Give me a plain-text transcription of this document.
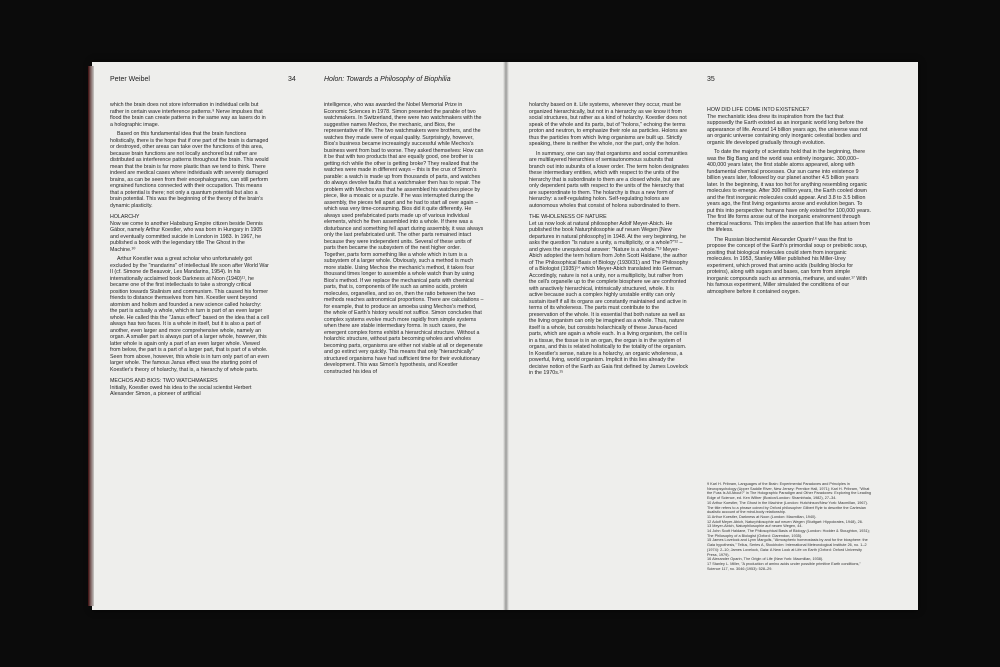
Peter Weibel	34	Holon: Towards a Philosophy of Biophilia

which the brain does not store information in individual cells but rather in certain wave interference patterns.⁹ Nerve impulses that flood the brain can create patterns in the same way as lasers do in a holographic image.

Based on this fundamental idea that the brain functions holistically, there is the hope that if one part of the brain is damaged or destroyed, other areas can take over the functions of this area, because brain functions are not locally anchored but rather are distributed as interference patterns throughout the brain. This would mean that the brain is far more plastic than we tend to think. There indeed are medical cases where individuals with severely damaged brains, as can be seen from their encephalograms, can still perform engrained functions connected with their occupation. This means that a potential is there; not only a quantum potential but also a brain potential. This was the beginning of the theory of the brain's dynamic plasticity.

HOLARCHY

Now we come to another Habsburg Empire citizen beside Dennis Gábor, namely Arthur Koestler, who was born in Hungary in 1905 and eventually committed suicide in London in 1983. In 1967, he published a book with the legendary title The Ghost in the Machine.¹⁰

Arthur Koestler was a great scholar who unfortunately got excluded by the "mandarins" of intellectual life soon after World War II (cf. Simone de Beauvoir, Les Mandarins, 1954). In his internationally acclaimed book Darkness at Noon (1940)¹¹, he became one of the first intellectuals to take a strongly critical position towards Stalinism and communism. This caused his former friends to distance themselves from him. Koestler went beyond atomism and holism and founded a new science called holarchy: the part is actually a whole, which in turn is part of an even larger whole. He called this the "Janus effect" based on the idea that a cell always has two faces. It is a whole in itself, but it is also a part of another, even larger and more comprehensive whole, namely an organ. A smaller part is always part of a larger whole, however, this latter whole is again only a part of an even larger whole. Viewed from below, the part is a part of a larger part, that is part of a whole. Seen from above, however, this whole is in turn only part of an even larger whole. The famous Janus effect was the starting point of Koestler's theory of holarchy, that is, a hierarchy of whole parts.

MECHOS AND BIOS: TWO WATCHMAKERS

Initially, Koestler owed his idea to the social scientist Herbert Alexander Simon, a pioneer of artificial

intelligence, who was awarded the Nobel Memorial Prize in Economic Sciences in 1978. Simon presented the parable of two watchmakers. In Switzerland, there were two watchmakers with the suggestive names Mechos, the mechanic, and Bios, the representative of life. The two watchmakers were brothers, and the watches they made were of equal quality. Surprisingly, however, Bios's business became increasingly successful while Mechos's business went from bad to worse. They asked themselves: How can it be that with two products that are equally good, one brother is getting rich while the other is getting broke? They realized that the watches were made in different ways – this is the crux of Simon's parable: a watch is made up from thousands of parts, and watches do always devolve faults that a watchmaker then has to repair. The problem with Mechos was that he assembled his watches piece by piece, like a mosaic or a puzzle. If he was interrupted during the assembly, the pieces fell apart and he had to start all over again – which was very time-consuming. Bios did it quite differently. He always used prefabricated parts made up of various individual elements, which he then assembled into a whole. If there was a disturbance and something fell apart during assembly, it was always only the last prefabricated unit. The other parts remained intact because they were independent units. Several of these units of parts then became the subsystem of the next higher order. Together, parts form something like a whole which in turn is a subsystem of a larger whole. Obviously, such a method is much more stable. Using Mechos the mechanic's method, it takes four thousand times longer to assemble a whole watch than by using Bios's method. If we replace the mechanical parts with chemical parts, that is, components of life such as amino acids, protein molecules, organelles, and so on, then the ratio between the two methods reaches astronomical proportions. There are calculations – for example, that to produce an amoeba using Mechos's method, the whole of Earth's history would not suffice. Simon concludes that complex systems evolve much more rapidly from simple systems when there are stable intermediary forms. In such cases, the emergent complex forms exhibit a hierarchical structure. Without a holarchic structure, without parts becoming wholes and wholes becoming parts, organisms are either not viable at all or degenerate and go extinct very quickly. This means that only "hierarchically" structured organisms have had sufficient time for their evolutionary development. This was Simon's hypothesis, and Koestler constructed his idea of

35

holarchy based on it. Life systems, wherever they occur, must be organized hierarchically, but not in a hierarchy as we know it from social structures, but rather as a kind of holarchy. Koestler does not speak of the whole and its parts, but of "holons," echoing the terms proton and neutron, to emphasize their role as particles. Holons are thus the particles from which living organisms are built up. Strictly speaking, there is neither the whole, nor the part, only the holon.

In summary, one can say that organisms and social communities are multilayered hierarchies of semiautonomous subunits that branch out into subunits of a lower order. The term holon designates these intermediary entities, which with respect to the units of the hierarchy that is subordinate to them are a closed whole, but are only dependent parts with respect to the units of the hierarchy that are superordinate to them. The holarchy is thus a new form of hierarchy: a self-regulating holon. Self-regulating holons are autonomous wholes that consist of holons subordinated to them.

THE WHOLENESS OF NATURE

Let us now look at natural philosopher Adolf Meyer-Abich. He published the book Naturphilosophie auf neuen Wegen [New departures in natural philosophy] in 1948. At the very beginning, he asks the question "Is nature a unity, a multiplicity, or a whole?"¹² – and gives the unequivocal answer: "Nature is a whole."¹³ Meyer-Abich adopted the term holism from John Scott Haldane, the author of The Philosophical Basis of Biology (1930/31) and The Philosophy of a Biologist (1935)¹⁴ which Meyer-Abich translated into German. Accordingly, nature is not a unity, nor a multiplicity, but rather from the cell's organelle up to the complete biosphere we are confronted with anactively hierarchical, intrinsically structured, whole. It is active because such a complex highly unstable entity can only sustain itself if all its organs are constantly maintained and active in terms of its wholeness. The parts must contribute to the preservation of the whole. It is essential that both nature as well as the living organism can only be imagined as a whole. Thus, nature itself is a whole, but consists holarchically of these Janus-faced parts, which are again a whole each. In a living organism, the cell is in a tissue, the tissue is in an organ, the organ is in the system of organs, and this is related holistically to the totality of the organism. In Koestler's sense, nature is a holarchy, an organic wholeness, a powerful, living, world organism. Implicit in this lies already the decisive notion of the Earth as Gaia first defined by James Lovelock in the 1970s.¹⁵

HOW DID LIFE COME INTO EXISTENCE?

The mechanistic idea drew its inspiration from the fact that supposedly the Earth existed as an inorganic world long before the appearance of life. Around 14 billion years ago, the universe was not an organic universe containing only inorganic celestial bodies and organic life developed gradually through evolution.

To date the majority of scientists hold that in the beginning, there was the Big Bang and the world was entirely inorganic. 300,000–400,000 years later, the first stable atoms appeared, along with fundamental chemical processes. Our sun came into existence 9 billion years later, followed by our planet another 4.5 billion years later. In the beginning, it was too hot for anything resembling organic molecules to emerge. After 300 million years, the Earth cooled down and the first inorganic molecules could appear. And 3.8 to 3.5 billion years ago, the first living organisms arose and evolution began. To put this into perspective: humans have only existed for 100,000 years. The first life forms arose out of the inorganic environment through chemical reactions. This implies the assertion that life has arisen from the lifeless.

The Russian biochemist Alexander Oparin¹⁶ was the first to propose the concept of the Earth's primordial soup or prebiotic soup, positing that biological molecules could stem from inorganic molecules. In 1953, Stanley Miller published his Miller-Urey experiment, which proved that amino acids (building blocks for proteins), along with sugars and bases, can form from simple inorganic compounds such as ammonia, methane, and water.¹⁷ With his famous experiment, Miller simulated the conditions of our atmosphere before it contained oxygen.

9 Karl H. Pribram, Languages of the Brain: Experimental Paradoxes and Principles in Neuropsychology (Upper Saddle River, New Jersey: Prentice Hall, 1971); Karl H. Pribram, "What the Fuss Is All About?" in The Holographic Paradigm and Other Paradoxes: Exploring the Leading Edge of Science, ed. Ken Wilber (Boston/London: Shambhala, 1982), 27–34.
10 Arthur Koestler, The Ghost in the Machine (London: Hutchinson/New York: Macmillan, 1967). The title refers to a phrase coined by Oxford philosopher Gilbert Ryle to describe the Cartesian dualistic account of the mind-body relationship.
11 Arthur Koestler, Darkness at Noon (London: Macmillan, 1940).
12 Adolf Meyer-Abich, Naturphilosophie auf neuen Wegen (Stuttgart: Hippokrates, 1948), 26.
13 Meyer-Abich, Naturphilosophie auf neuen Wegen, 44.
14 John Scott Haldane, The Philosophical Basis of Biology (London: Hodder & Stoughton, 1931); The Philosophy of a Biologist (Oxford: Clarendon, 1935).
15 James Lovelock and Lynn Margulis, "Atmospheric homeostasis by and for the biosphere: the Gaia hypothesis," Tellus, Series A, Stockholm: International Meteorological Institute 26, no. 1–2 (1974): 2–10; James Lovelock, Gaia: A New Look at Life on Earth (Oxford: Oxford University Press, 1979).
16 Alexander Oparin, The Origin of Life (New York: Macmillan, 1938).
17 Stanley L. Miller, "A production of amino acids under possible primitive Earth conditions," Science 117, no. 3046 (1953): 528–29.
